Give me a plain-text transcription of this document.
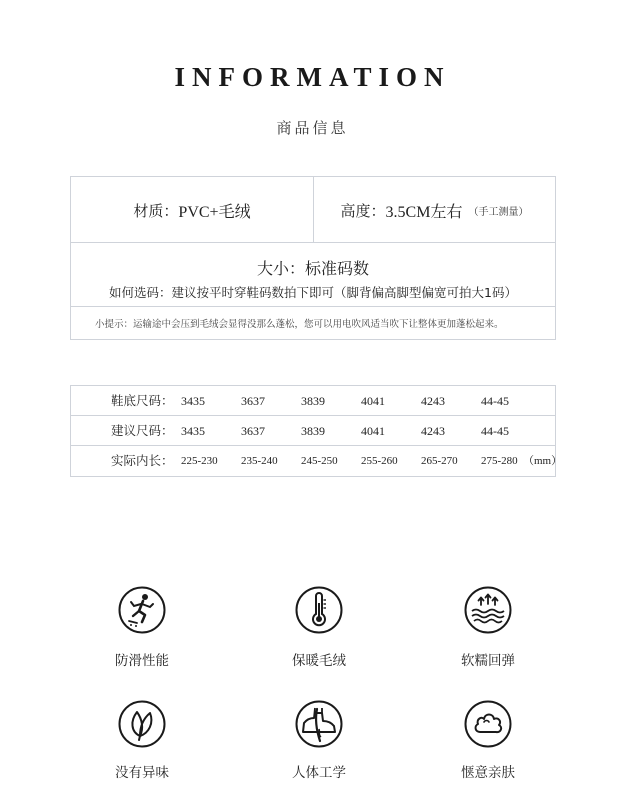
INFORMATION
商品信息
材质： PVC+毛绒	高度： 3.5CM左右 （手工测量）
大小：标准码数
如何选码：建议按平时穿鞋码数拍下即可（脚背偏高脚型偏宽可拍大1码）
小提示：运输途中会压到毛绒会显得没那么蓬松，您可以用电吹风适当吹下让整体更加蓬松起来。
鞋底尺码： 3435	3637	3839	4041	4243	44-45
建议尺码： 3435	3637	3839	4041	4243	44-45
实际内长： 225-230 235-240 245-250 255-260 265-270 275-280 （mm）
防滑性能	保暖毛绒	软糯回弹
没有异味	人体工学	惬意亲肤
